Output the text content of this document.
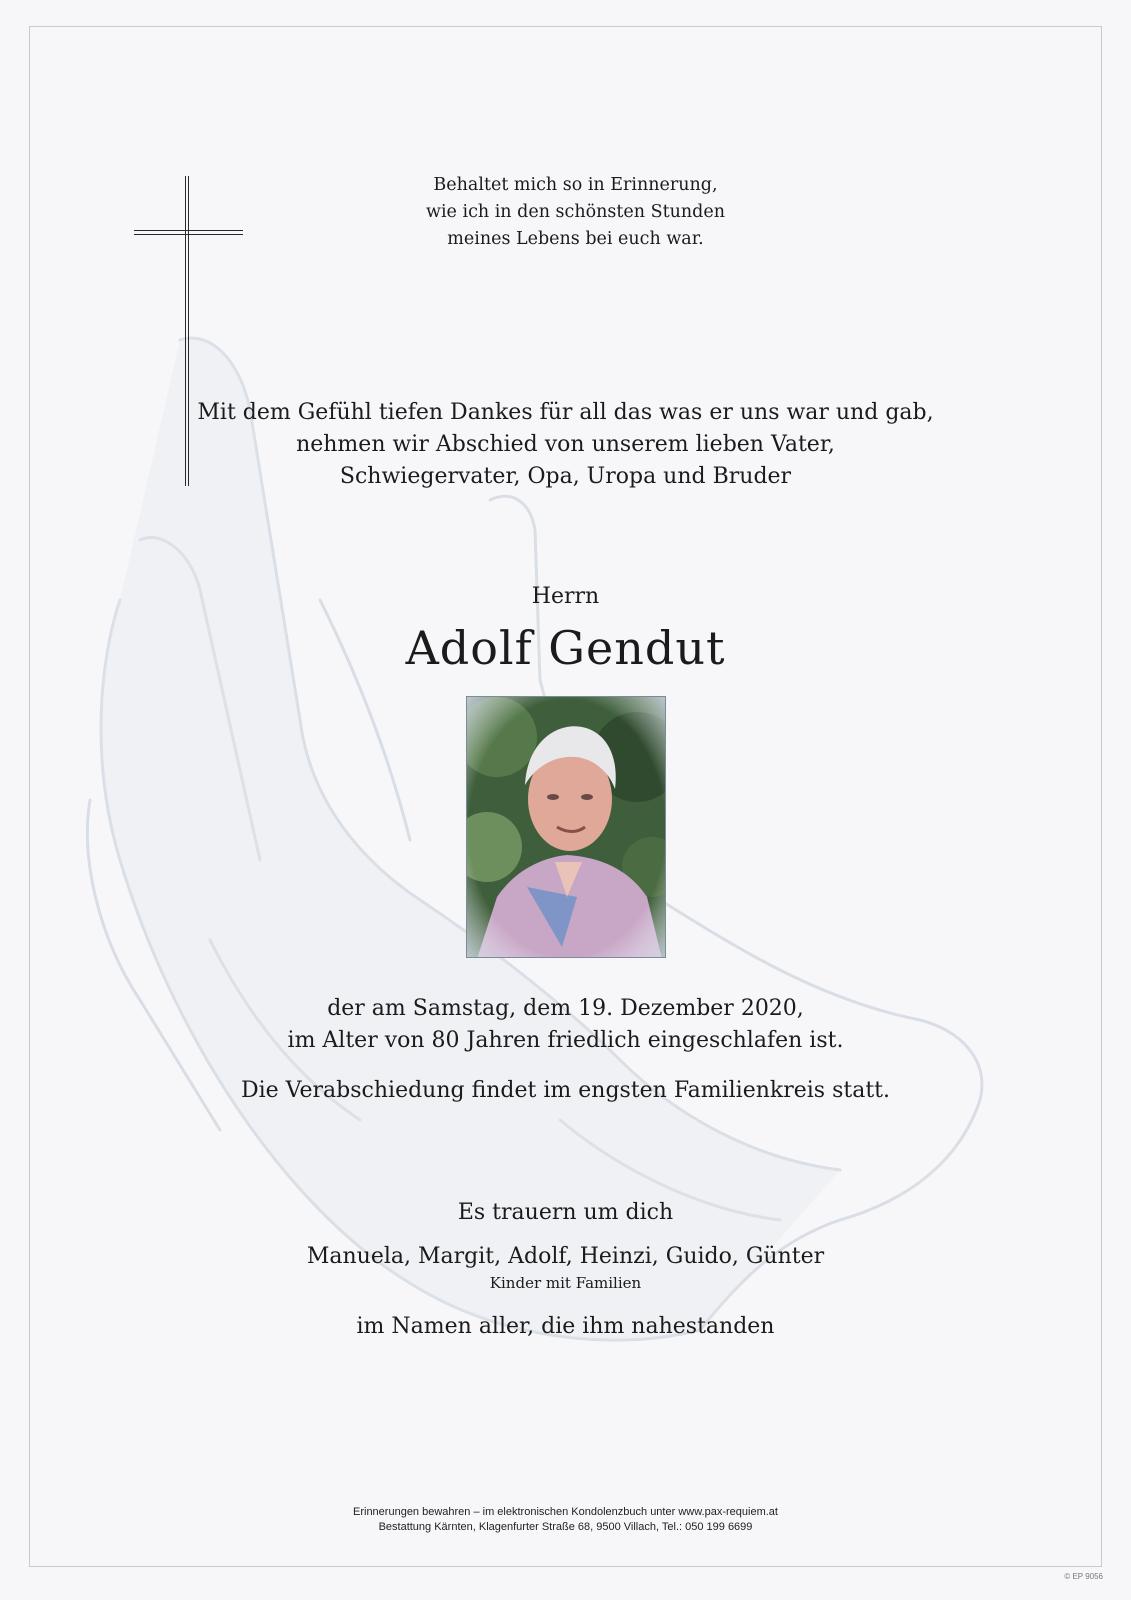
Behaltet mich so in Erinnerung,
wie ich in den schönsten Stunden
meines Lebens bei euch war.
Mit dem Gefühl tiefen Dankes für all das was er uns war und gab,
nehmen wir Abschied von unserem lieben Vater,
Schwiegervater, Opa, Uropa und Bruder
Herrn
Adolf Gendut
der am Samstag, dem 19. Dezember 2020,
im Alter von 80 Jahren friedlich eingeschlafen ist.
Die Verabschiedung findet im engsten Familienkreis statt.
Es trauern um dich
Manuela, Margit, Adolf, Heinzi, Guido, Günter
Kinder mit Familien
im Namen aller, die ihm nahestanden
Erinnerungen bewahren – im elektronischen Kondolenzbuch unter www.pax-requiem.at
Bestattung Kärnten, Klagenfurter Straße 68, 9500 Villach, Tel.: 050 199 6699
© EP 9056
